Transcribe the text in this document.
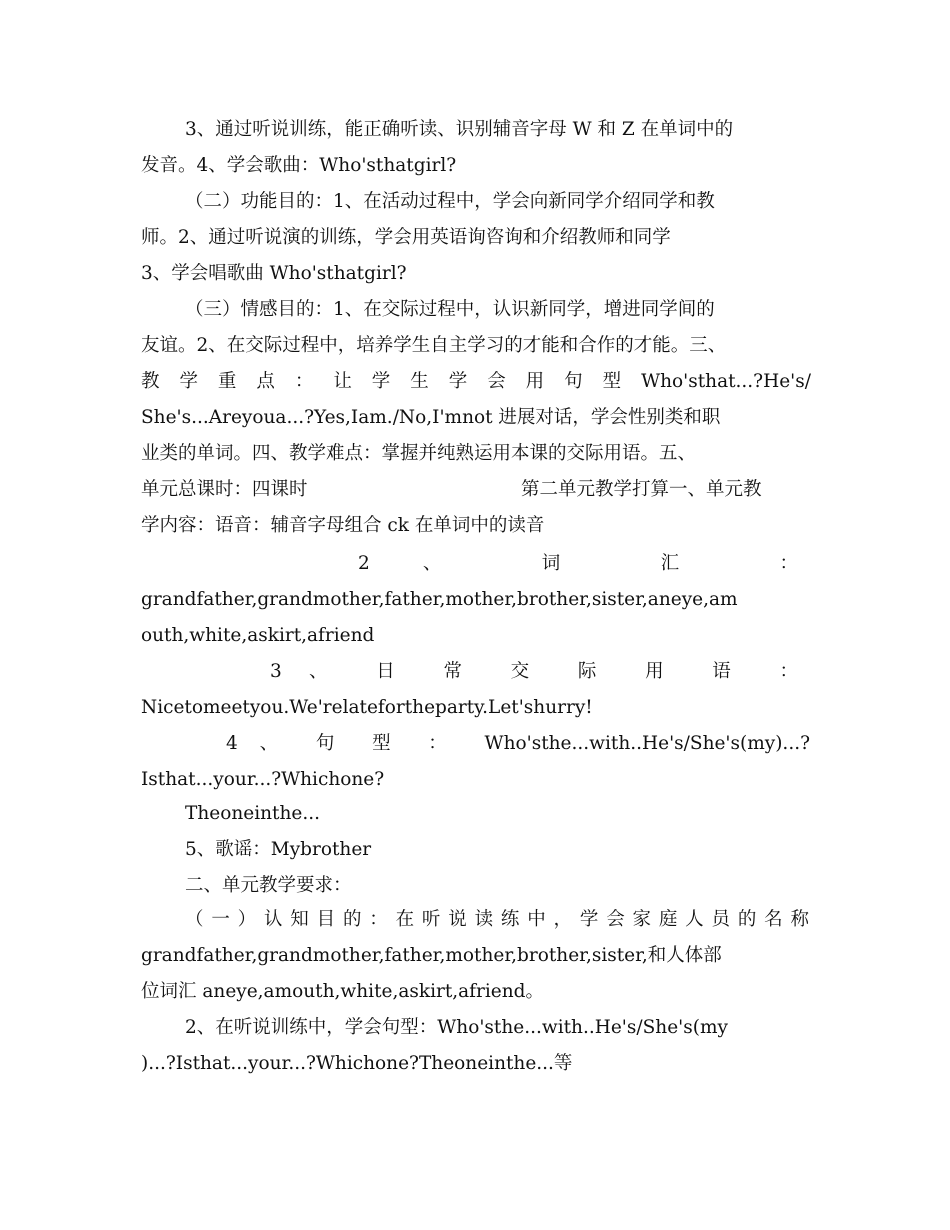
3、通过听说训练，能正确听读、识别辅音字母 W 和 Z 在单词中的
发音。4、学会歌曲：Who'sthatgirl?
（二）功能目的：1、在活动过程中，学会向新同学介绍同学和教
师。2、通过听说演的训练，学会用英语询咨询和介绍教师和同学
3、学会唱歌曲 Who'sthatgirl?
（三）情感目的：1、在交际过程中，认识新同学，增进同学间的
友谊。2、在交际过程中，培养学生自主学习的才能和合作的才能。三、
教 学 重 点 ： 让 学 生 学 会 用 句 型 Who'sthat...?He's/
She's...Areyoua...?Yes,Iam./No,I'mnot 进展对话，学会性别类和职
业类的单词。四、教学难点：掌握并纯熟运用本课的交际用语。五、
单元总课时：四课时	第二单元教学打算一、单元教
学内容：语音：辅音字母组合 ck 在单词中的读音
2 、 词 汇 ：
grandfather,grandmother,father,mother,brother,sister,aneye,am
outh,white,askirt,afriend
3 、 日 常 交 际 用 语 ：
Nicetomeetyou.We'relatefortheparty.Let'shurry!
4 、 句 型 ： Who'sthe...with..He's/She's(my)...?
Isthat...your...?Whichone?
Theoneinthe...
5、歌谣：Mybrother
二、单元教学要求：
（一）认知目的：在听说读练中，学会家庭人员的名称
grandfather,grandmother,father,mother,brother,sister,和人体部
位词汇 aneye,amouth,white,askirt,afriend。
2、在听说训练中，学会句型：Who'sthe...with..He's/She's(my
)...?Isthat...your...?Whichone?Theoneinthe...等
